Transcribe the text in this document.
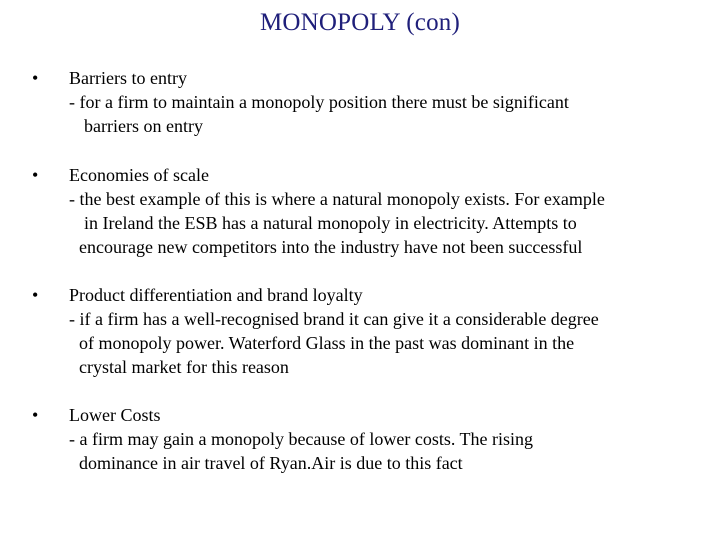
MONOPOLY (con)
•	Barriers to entry
- for a firm to maintain a monopoly position there must be significant
barriers on entry
•	Economies of scale
- the best example of this is where a natural monopoly exists. For example
in Ireland the ESB has a natural monopoly in electricity. Attempts to
encourage new competitors into the industry have not been successful
•	Product differentiation and brand loyalty
- if a firm has a well-recognised brand it can give it a considerable degree
of monopoly power. Waterford Glass in the past was dominant in the
crystal market for this reason
•	Lower Costs
- a firm may gain a monopoly because of lower costs. The rising
dominance in air travel of Ryan.Air is due to this fact
